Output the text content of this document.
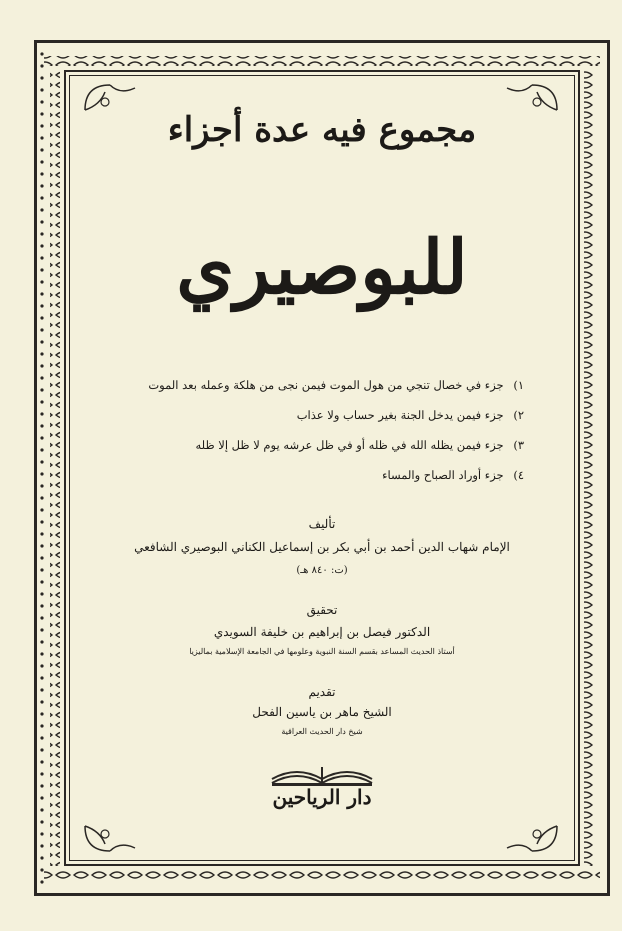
مجموع فيه عدة أجزاء
للبوصيري
١) جزء في خصال تنجي من هول الموت فيمن نجى من هلكة وعمله بعد الموت
٢) جزء فيمن يدخل الجنة بغير حساب ولا عذاب
٣) جزء فيمن يظله الله في ظله أو في ظل عرشه يوم لا ظل إلا ظله
٤) جزء أوراد الصباح والمساء
تأليف
الإمام شهاب الدين أحمد بن أبي بكر بن إسماعيل الكناني البوصيري الشافعي
(ت: ٨٤٠ هـ)
تحقيق
الدكتور فيصل بن إبراهيم بن خليفة السويدي
أستاذ الحديث المساعد بقسم السنة النبوية وعلومها في الجامعة الإسلامية بماليزيا
تقديم
الشيخ ماهر بن ياسين الفحل
شيخ دار الحديث العراقية
دار الرياحين
